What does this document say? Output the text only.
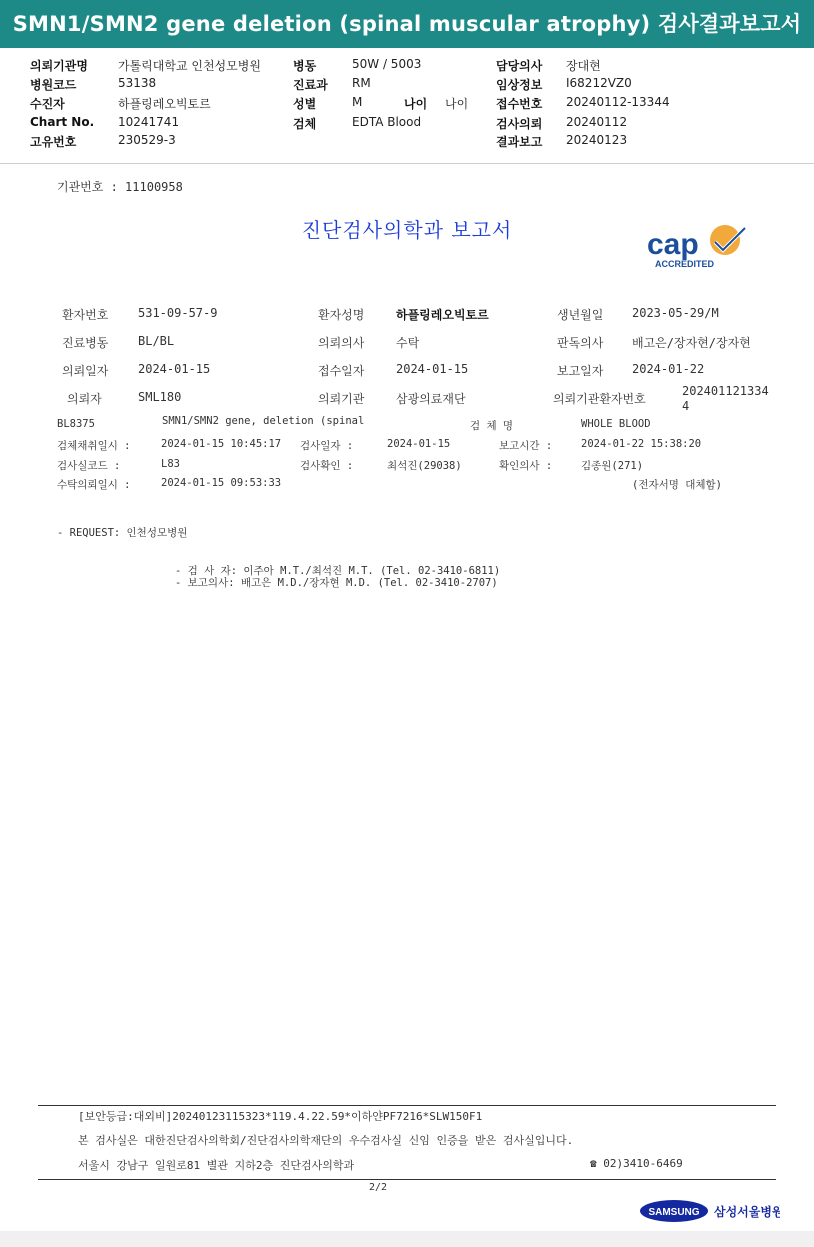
SMN1/SMN2 gene deletion (spinal muscular atrophy) 검사결과보고서
의뢰기관명	가톨릭대학교 인천성모병원	병동	50W / 5003	담당의사 장대현
병원코드	53138	진료과 RM	임상정보 I68212VZ0
수진자	하플링레오빅토르	성별	M	나이 나이 접수번호 20240112-13344
Chart No. 10241741	검체	EDTA Blood	검사의뢰 20240112
고유번호	230529-3	결과보고 20240123
기관번호 : 11100958
진단검사의학과 보고서	cap
ACCREDITED
환자번호 531-09-57-9	환자성명	하플링레오빅토르	생년월일 2023-05-29/M
진료병동 BL/BL	의뢰의사	수탁	판독의사 배고은/장자현/장자현
의뢰일자 2024-01-15	접수일자	2024-01-15	보고일자 2024-01-22
의뢰자	SML180	의뢰기관	삼광의료재단	의뢰기관환자번호
202401121334
4
BL8375	SMN1/SMN2 gene, deletion (spinal	검 체 명	WHOLE BLOOD
검체채취일시 :	2024-01-15 10:45:17 검사일자 :	2024-01-15	보고시간 :	2024-01-22 15:38:20
검사실코드 :	L83	검사확인 :	최석진(29038)	확인의사 :	김종원(271)
수탁의뢰일시 :	2024-01-15 09:53:33	(전자서명 대체함)
- REQUEST: 인천성모병원
- 검 사 자: 이주아 M.T./최석진 M.T. (Tel. 02-3410-6811)
- 보고의사: 배고은 M.D./장자현 M.D. (Tel. 02-3410-2707)
[보안등급:대외비]20240123115323*119.4.22.59*이하얀PF7216*SLW150F1
본 검사실은 대한진단검사의학회/진단검사의학재단의 우수검사실 신임 인증을 받은 검사실입니다.
서울시 강남구 일원로81 별관 지하2층 진단검사의학과	☎ 02)3410-6469
2/2
SAMSUNG 삼성서울병원
